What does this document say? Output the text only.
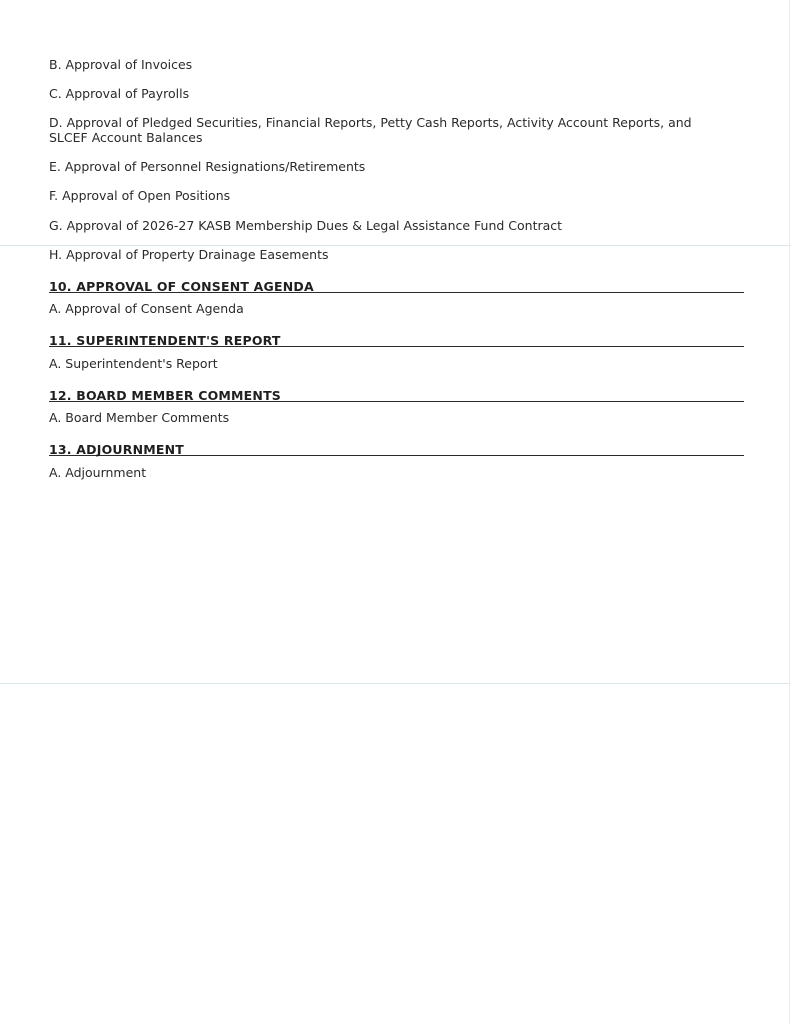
B. Approval of Invoices
C. Approval of Payrolls
D. Approval of Pledged Securities, Financial Reports, Petty Cash Reports, Activity Account Reports, and SLCEF Account Balances
E. Approval of Personnel Resignations/Retirements
F. Approval of Open Positions
G. Approval of 2026-27 KASB Membership Dues & Legal Assistance Fund Contract
H. Approval of Property Drainage Easements
10. APPROVAL OF CONSENT AGENDA
A. Approval of Consent Agenda
11. SUPERINTENDENT'S REPORT
A. Superintendent's Report
12. BOARD MEMBER COMMENTS
A. Board Member Comments
13. ADJOURNMENT
A. Adjournment
